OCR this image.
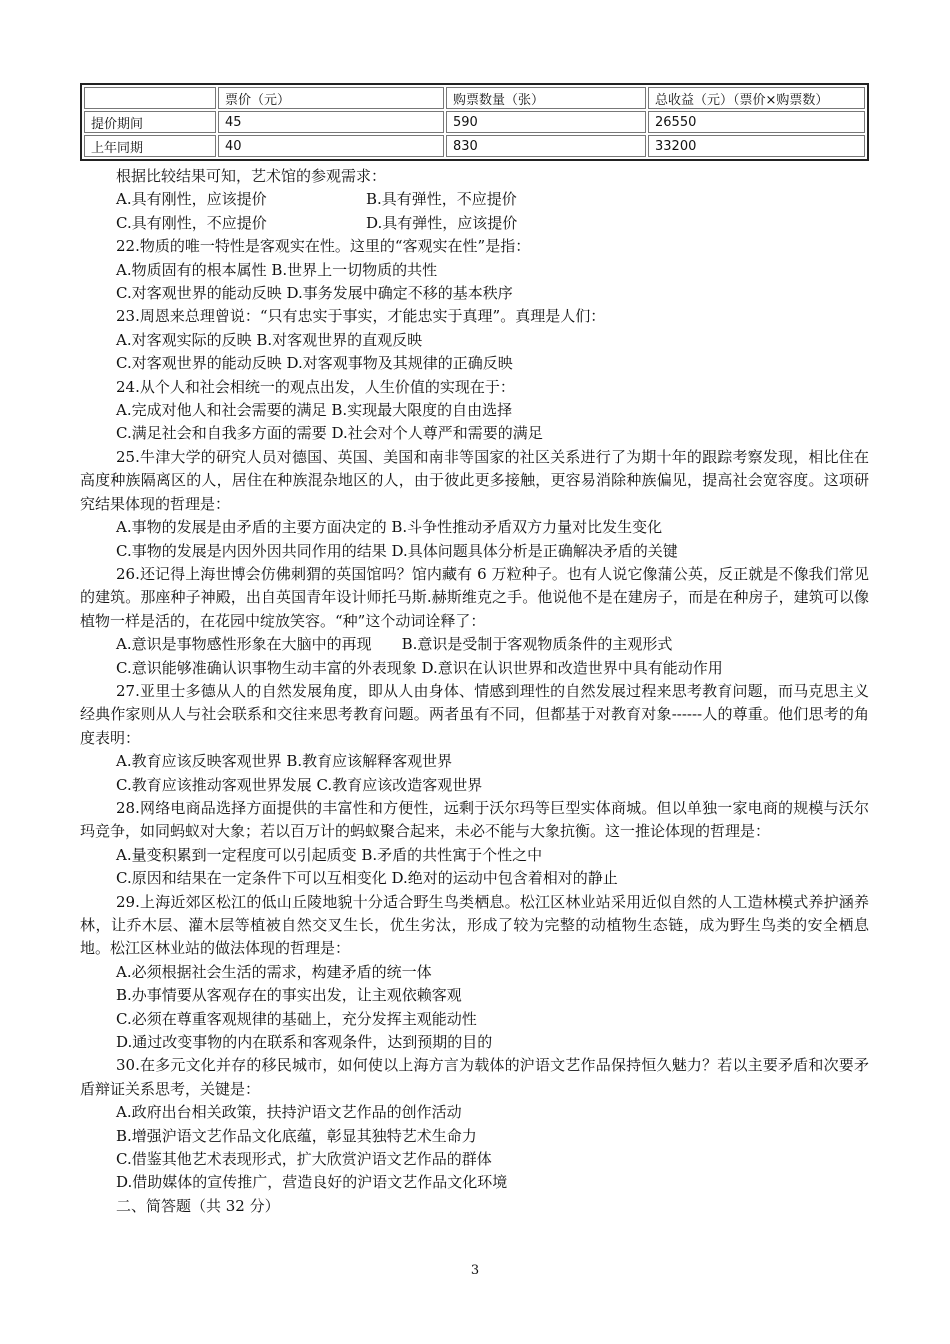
	票价（元）	购票数量（张）	总收益（元）（票价×购票数）
提价期间	45	590	26550
上年同期	40	830	33200
根据比较结果可知，艺术馆的参观需求：
A.具有刚性，应该提价	B.具有弹性，不应提价
C.具有刚性，不应提价	D.具有弹性，应该提价
22.物质的唯一特性是客观实在性。这里的“客观实在性”是指：
A.物质固有的根本属性 B.世界上一切物质的共性
C.对客观世界的能动反映 D.事务发展中确定不移的基本秩序
23.周恩来总理曾说：“只有忠实于事实，才能忠实于真理”。真理是人们：
A.对客观实际的反映 B.对客观世界的直观反映
C.对客观世界的能动反映 D.对客观事物及其规律的正确反映
24.从个人和社会相统一的观点出发，人生价值的实现在于：
A.完成对他人和社会需要的满足 B.实现最大限度的自由选择
C.满足社会和自我多方面的需要 D.社会对个人尊严和需要的满足
25.牛津大学的研究人员对德国、英国、美国和南非等国家的社区关系进行了为期十年的跟踪考察发现，相比住在高度种族隔离区的人，居住在种族混杂地区的人，由于彼此更多接触，更容易消除种族偏见，提高社会宽容度。这项研究结果体现的哲理是：
A.事物的发展是由矛盾的主要方面决定的 B.斗争性推动矛盾双方力量对比发生变化
C.事物的发展是内因外因共同作用的结果 D.具体问题具体分析是正确解决矛盾的关键
26.还记得上海世博会仿佛刺猬的英国馆吗？馆内藏有 6 万粒种子。也有人说它像蒲公英，反正就是不像我们常见的建筑。那座种子神殿，出自英国青年设计师托马斯.赫斯维克之手。他说他不是在建房子，而是在种房子，建筑可以像植物一样是活的，在花园中绽放笑容。“种”这个动词诠释了：
A.意识是事物感性形象在大脑中的再现　　B.意识是受制于客观物质条件的主观形式
C.意识能够准确认识事物生动丰富的外表现象 D.意识在认识世界和改造世界中具有能动作用
27.亚里士多德从人的自然发展角度，即从人由身体、情感到理性的自然发展过程来思考教育问题，而马克思主义经典作家则从人与社会联系和交往来思考教育问题。两者虽有不同，但都基于对教育对象------人的尊重。他们思考的角度表明：
A.教育应该反映客观世界 B.教育应该解释客观世界
C.教育应该推动客观世界发展 C.教育应该改造客观世界
28.网络电商品选择方面提供的丰富性和方便性，远剩于沃尔玛等巨型实体商城。但以单独一家电商的规模与沃尔玛竞争，如同蚂蚁对大象；若以百万计的蚂蚁聚合起来，未必不能与大象抗衡。这一推论体现的哲理是：
A.量变积累到一定程度可以引起质变 B.矛盾的共性寓于个性之中
C.原因和结果在一定条件下可以互相变化 D.绝对的运动中包含着相对的静止
29.上海近郊区松江的低山丘陵地貌十分适合野生鸟类栖息。松江区林业站采用近似自然的人工造林模式养护涵养林，让乔木层、灌木层等植被自然交叉生长，优生劣汰，形成了较为完整的动植物生态链，成为野生鸟类的安全栖息地。松江区林业站的做法体现的哲理是：
A.必须根据社会生活的需求，构建矛盾的统一体
B.办事情要从客观存在的事实出发，让主观依赖客观
C.必须在尊重客观规律的基础上，充分发挥主观能动性
D.通过改变事物的内在联系和客观条件，达到预期的目的
30.在多元文化并存的移民城市，如何使以上海方言为载体的沪语文艺作品保持恒久魅力？若以主要矛盾和次要矛盾辩证关系思考，关键是：
A.政府出台相关政策，扶持沪语文艺作品的创作活动
B.增强沪语文艺作品文化底蕴，彰显其独特艺术生命力
C.借鉴其他艺术表现形式，扩大欣赏沪语文艺作品的群体
D.借助媒体的宣传推广，营造良好的沪语文艺作品文化环境
二、简答题（共 32 分）
3
